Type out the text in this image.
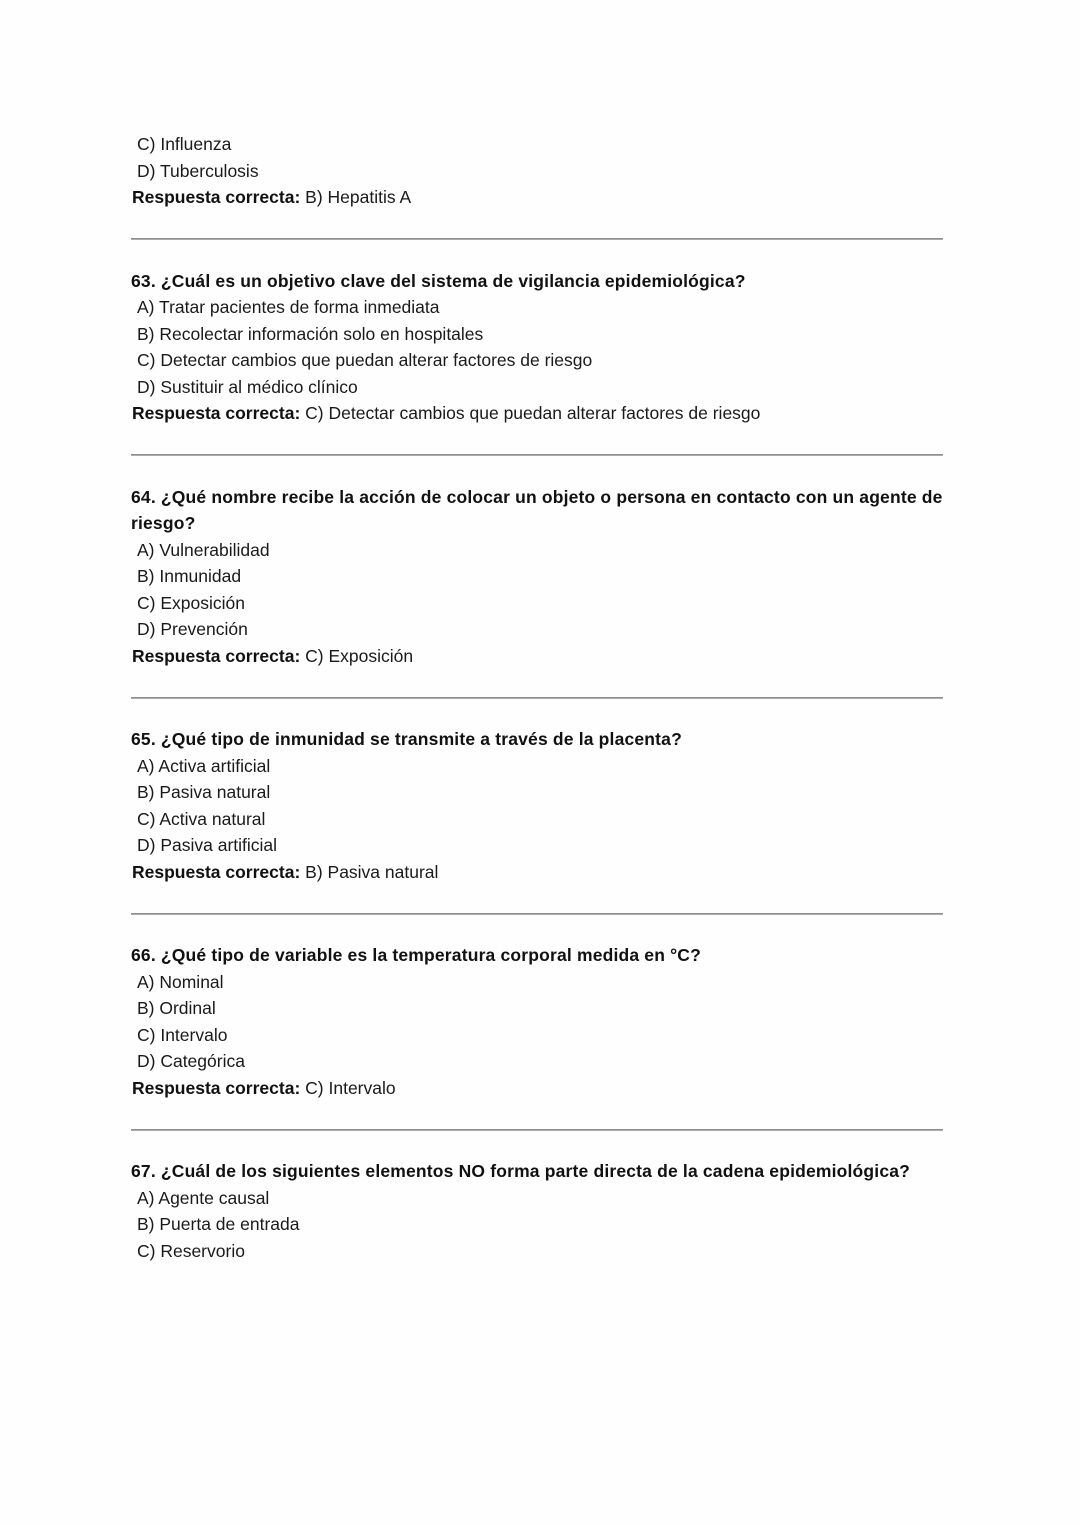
C) Influenza
D) Tuberculosis
Respuesta correcta: B) Hepatitis A
63. ¿Cuál es un objetivo clave del sistema de vigilancia epidemiológica?
A) Tratar pacientes de forma inmediata
B) Recolectar información solo en hospitales
C) Detectar cambios que puedan alterar factores de riesgo
D) Sustituir al médico clínico
Respuesta correcta: C) Detectar cambios que puedan alterar factores de riesgo
64. ¿Qué nombre recibe la acción de colocar un objeto o persona en contacto con un agente de riesgo?
A) Vulnerabilidad
B) Inmunidad
C) Exposición
D) Prevención
Respuesta correcta: C) Exposición
65. ¿Qué tipo de inmunidad se transmite a través de la placenta?
A) Activa artificial
B) Pasiva natural
C) Activa natural
D) Pasiva artificial
Respuesta correcta: B) Pasiva natural
66. ¿Qué tipo de variable es la temperatura corporal medida en °C?
A) Nominal
B) Ordinal
C) Intervalo
D) Categórica
Respuesta correcta: C) Intervalo
67. ¿Cuál de los siguientes elementos NO forma parte directa de la cadena epidemiológica?
A) Agente causal
B) Puerta de entrada
C) Reservorio
